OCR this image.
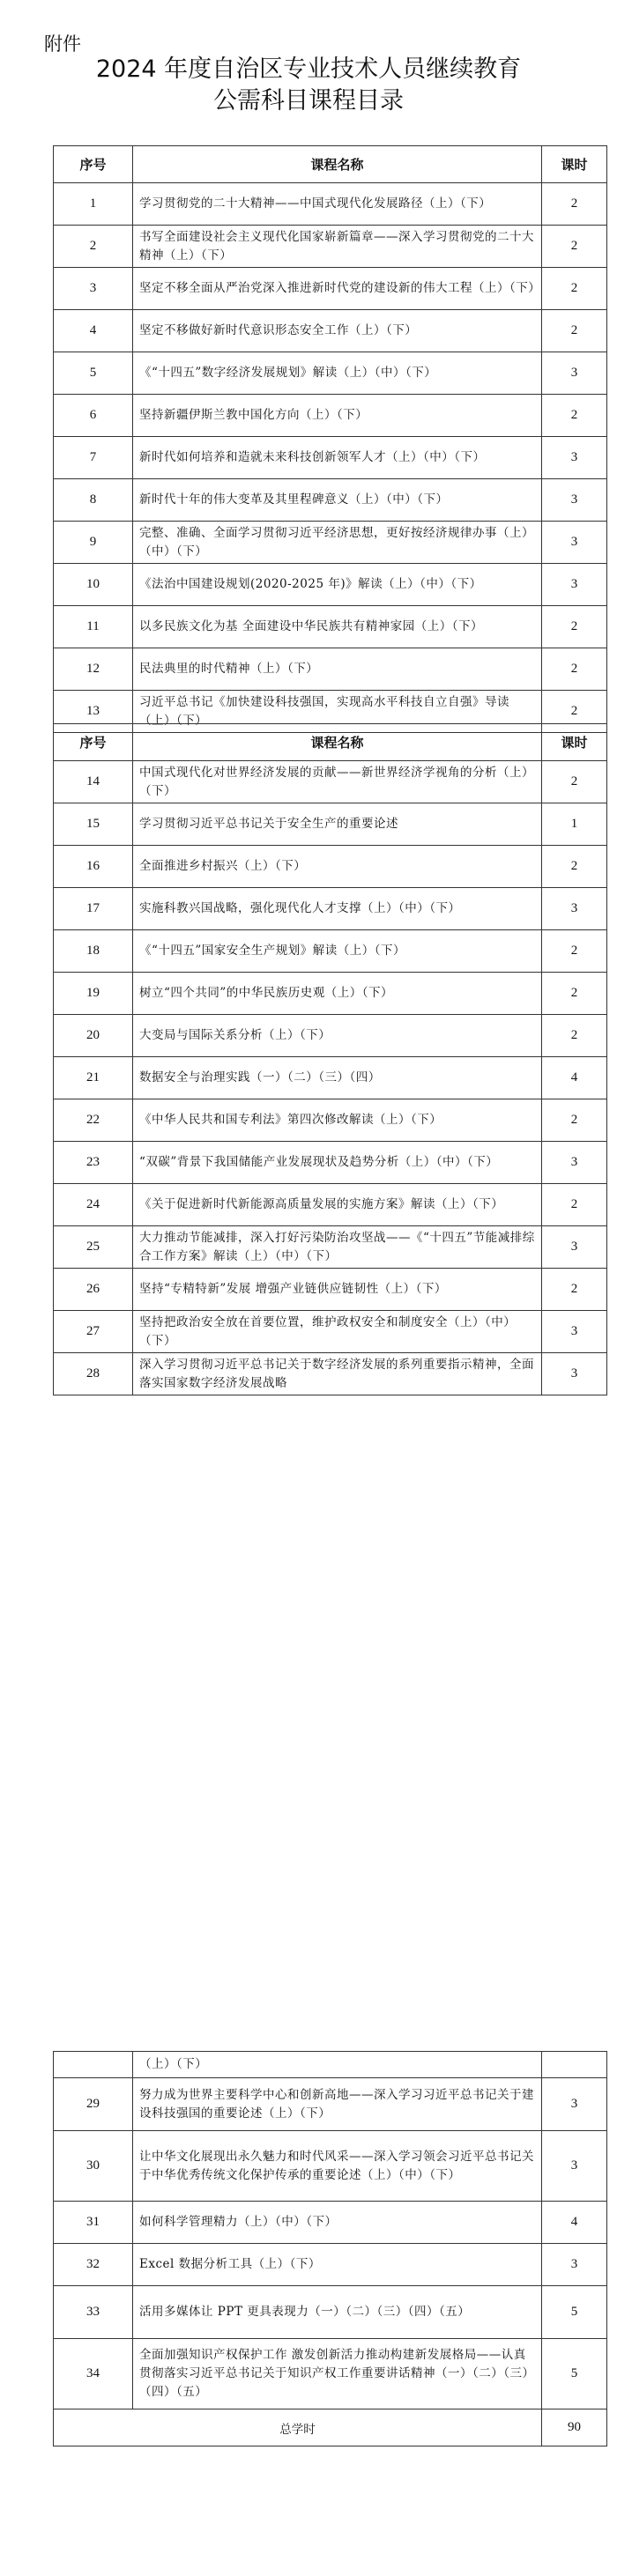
附件
2024 年度自治区专业技术人员继续教育
公需科目课程目录
序号	课程名称	课时
1	学习贯彻党的二十大精神——中国式现代化发展路径（上）（下）	2
2	书写全面建设社会主义现代化国家崭新篇章——深入学习贯彻党的二十大精神（上）（下）	2
3	坚定不移全面从严治党深入推进新时代党的建设新的伟大工程（上）（下）	2
4	坚定不移做好新时代意识形态安全工作（上）（下）	2
5	《“十四五”数字经济发展规划》解读（上）（中）（下）	3
6	坚持新疆伊斯兰教中国化方向（上）（下）	2
7	新时代如何培养和造就未来科技创新领军人才（上）（中）（下）	3
8	新时代十年的伟大变革及其里程碑意义（上）（中）（下）	3
9	完整、准确、全面学习贯彻习近平经济思想，更好按经济规律办事（上）（中）（下）	3
10	《法治中国建设规划(2020-2025 年)》解读（上）（中）（下）	3
11	以多民族文化为基 全面建设中华民族共有精神家园（上）（下）	2
12	民法典里的时代精神（上）（下）	2
13	习近平总书记《加快建设科技强国，实现高水平科技自立自强》导读（上）（下）	2
序号	课程名称	课时
14	中国式现代化对世界经济发展的贡献——新世界经济学视角的分析（上）（下）	2
15	学习贯彻习近平总书记关于安全生产的重要论述	1
16	全面推进乡村振兴（上）（下）	2
17	实施科教兴国战略，强化现代化人才支撑（上）（中）（下）	3
18	《“十四五”国家安全生产规划》解读（上）（下）	2
19	树立“四个共同”的中华民族历史观（上）（下）	2
20	大变局与国际关系分析（上）（下）	2
21	数据安全与治理实践（一）（二）（三）（四）	4
22	《中华人民共和国专利法》第四次修改解读（上）（下）	2
23	“双碳”背景下我国储能产业发展现状及趋势分析（上）（中）（下）	3
24	《关于促进新时代新能源高质量发展的实施方案》解读（上）（下）	2
25	大力推动节能减排，深入打好污染防治攻坚战——《“十四五”节能减排综合工作方案》解读（上）（中）（下）	3
26	坚持“专精特新”发展 增强产业链供应链韧性（上）（下）	2
27	坚持把政治安全放在首要位置，维护政权安全和制度安全（上）（中）（下）	3
28	深入学习贯彻习近平总书记关于数字经济发展的系列重要指示精神，全面落实国家数字经济发展战略	3
	（上）（下）	
29	努力成为世界主要科学中心和创新高地——深入学习习近平总书记关于建设科技强国的重要论述（上）（下）	3
30	让中华文化展现出永久魅力和时代风采——深入学习领会习近平总书记关于中华优秀传统文化保护传承的重要论述（上）（中）（下）	3
31	如何科学管理精力（上）（中）（下）	4
32	Excel 数据分析工具（上）（下）	3
33	活用多媒体让 PPT 更具表现力（一）（二）（三）（四）（五）	5
34	全面加强知识产权保护工作 激发创新活力推动构建新发展格局——认真贯彻落实习近平总书记关于知识产权工作重要讲话精神（一）（二）（三）（四）（五）	5
总学时		90
